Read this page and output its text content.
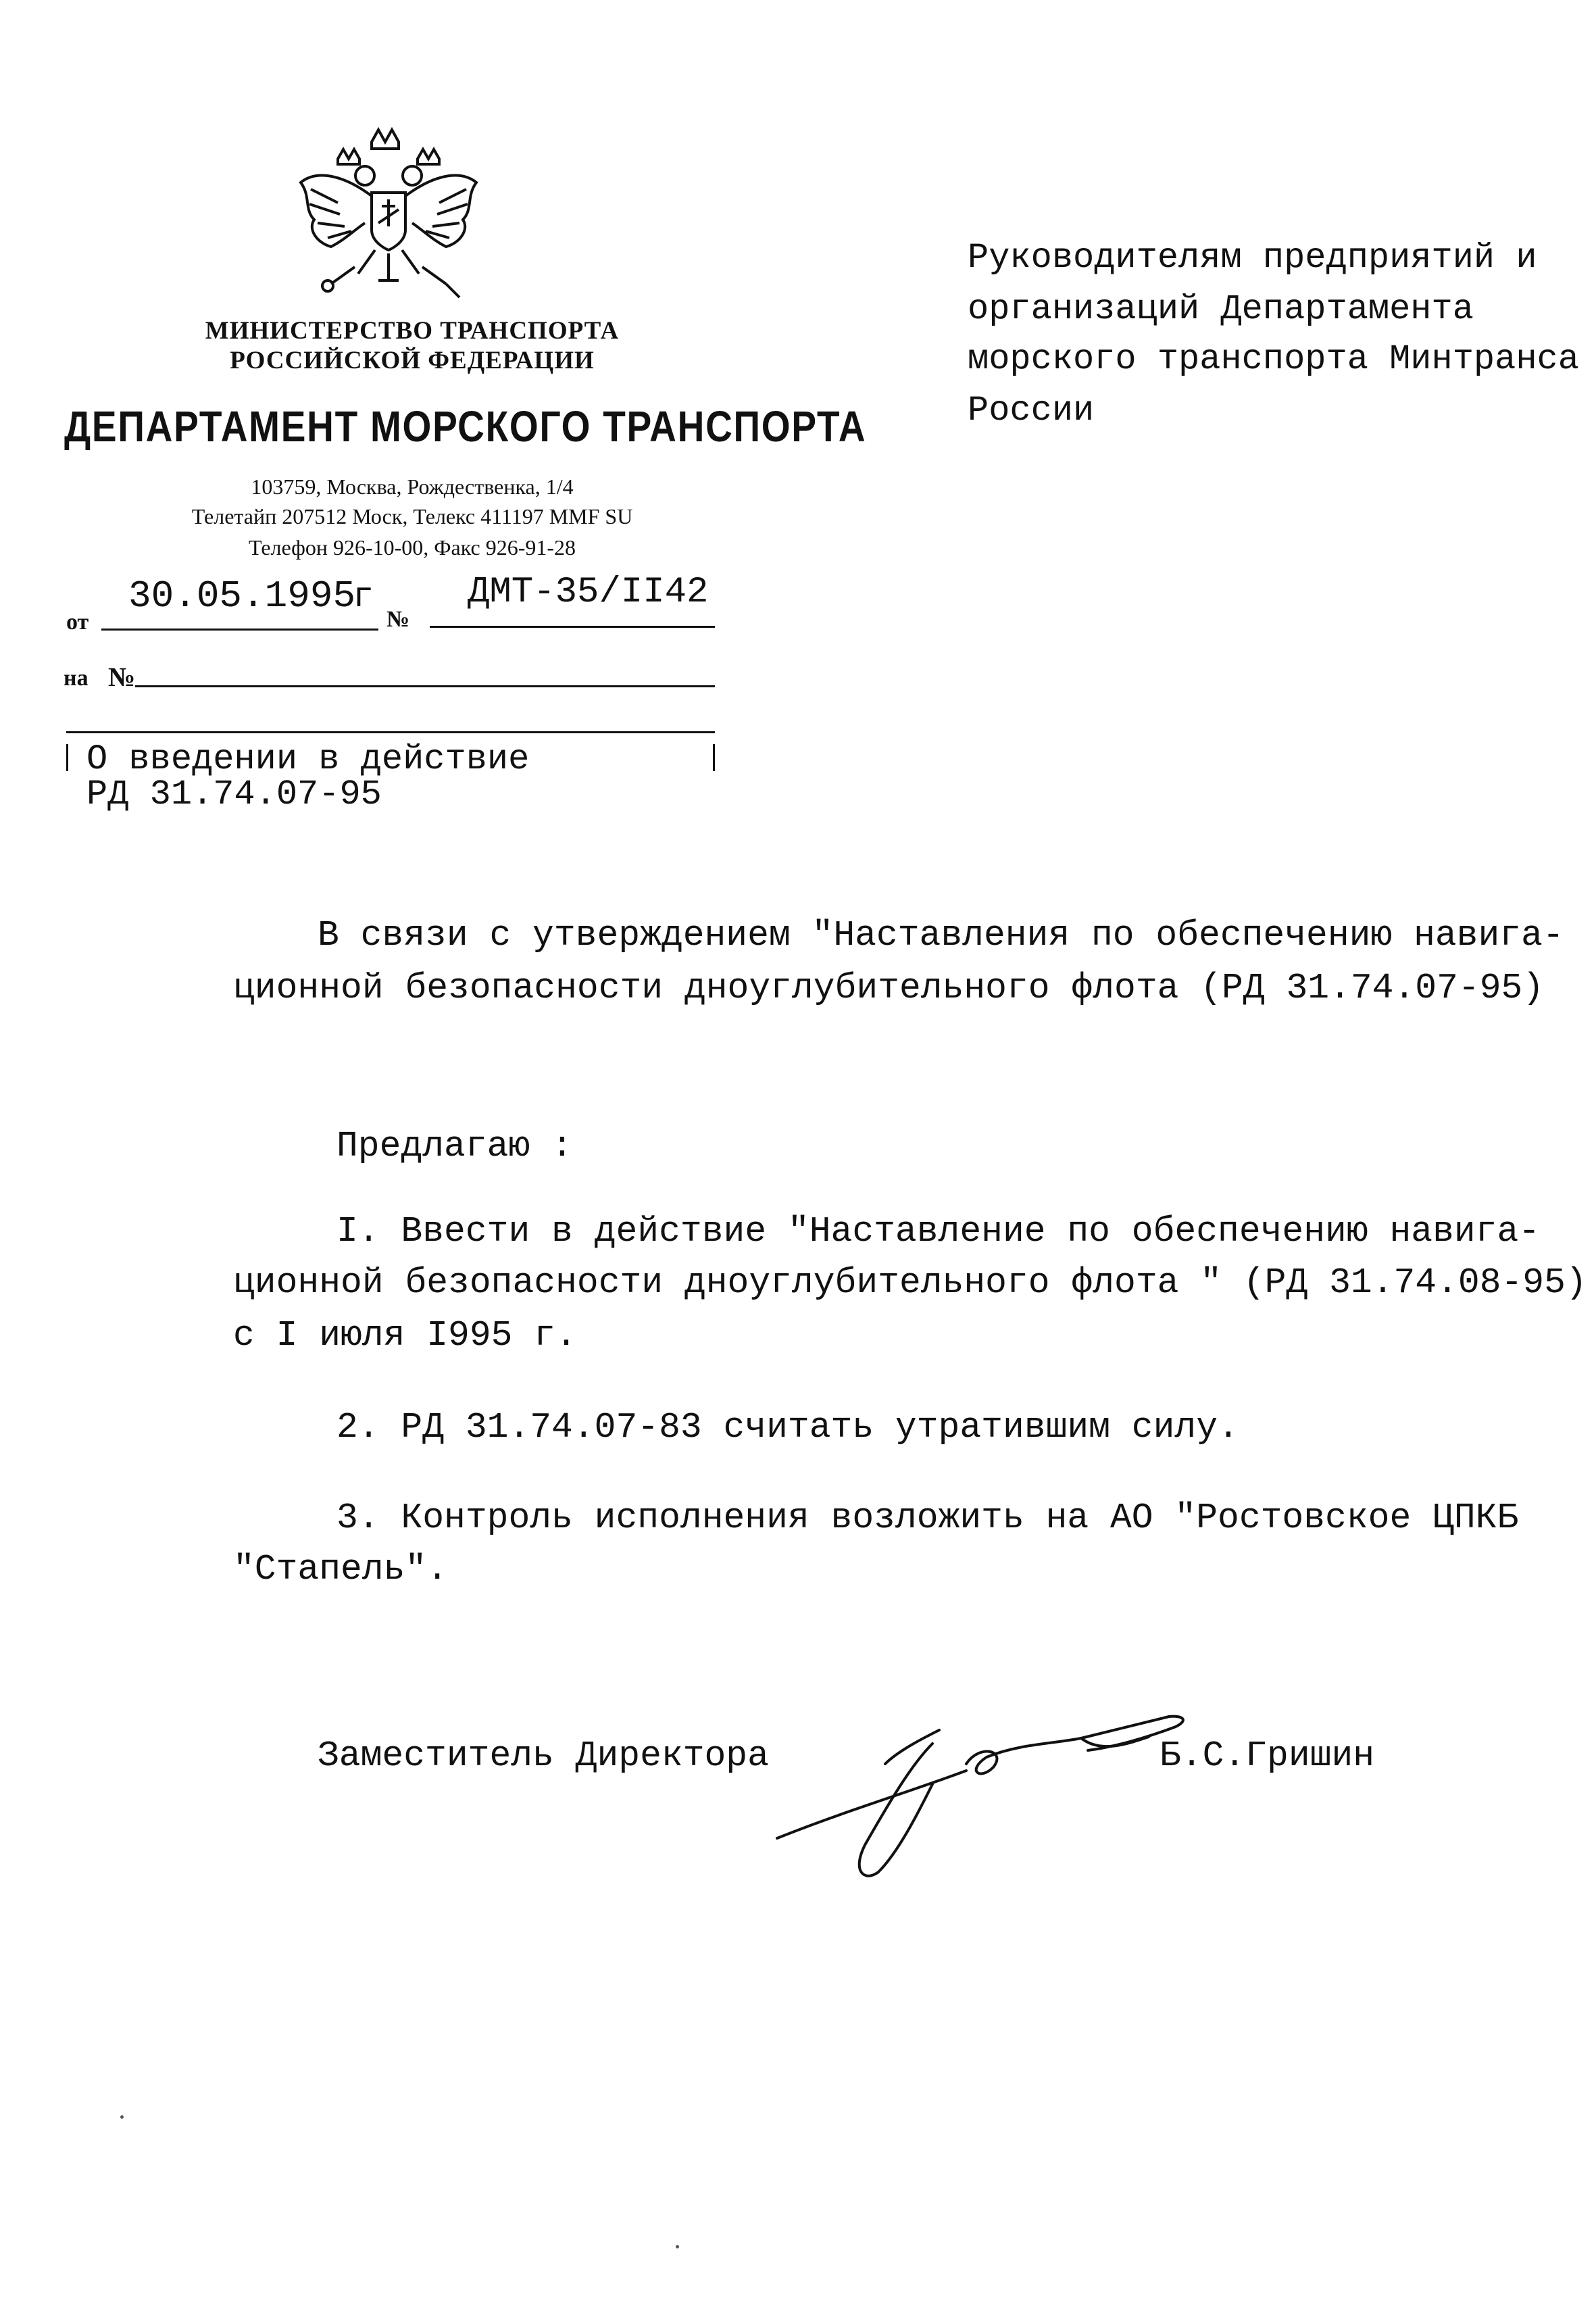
МИНИСТЕРСТВО ТРАНСПОРТА
РОССИЙСКОЙ ФЕДЕРАЦИИ
ДЕПАРТАМЕНТ МОРСКОГО ТРАНСПОРТА
103759, Москва, Рождественка, 1/4
Телетайп 207512 Моск, Телекс 411197 MMF SU
Телефон 926-10-00, Факс 926-91-28
от
30.05.1995
г
№
ДМТ-35/II42
на №
О введении в действие
РД 31.74.07-95
Руководителям предприятий и
организаций Департамента
морского транспорта Минтранса
России
В связи с утверждением "Наставления по обеспечению навига-
ционной безопасности дноуглубительного флота (РД 31.74.07-95)
Предлагаю :
I. Ввести в действие "Наставление по обеспечению навига-
ционной безопасности дноуглубительного флота " (РД 31.74.08-95)
с I июля I995 г.
2. РД 31.74.07-83 считать утратившим силу.
3. Контроль исполнения возложить на АО "Ростовское ЦПКБ
"Стапель".
Заместитель Директора	Б.С.Гришин
